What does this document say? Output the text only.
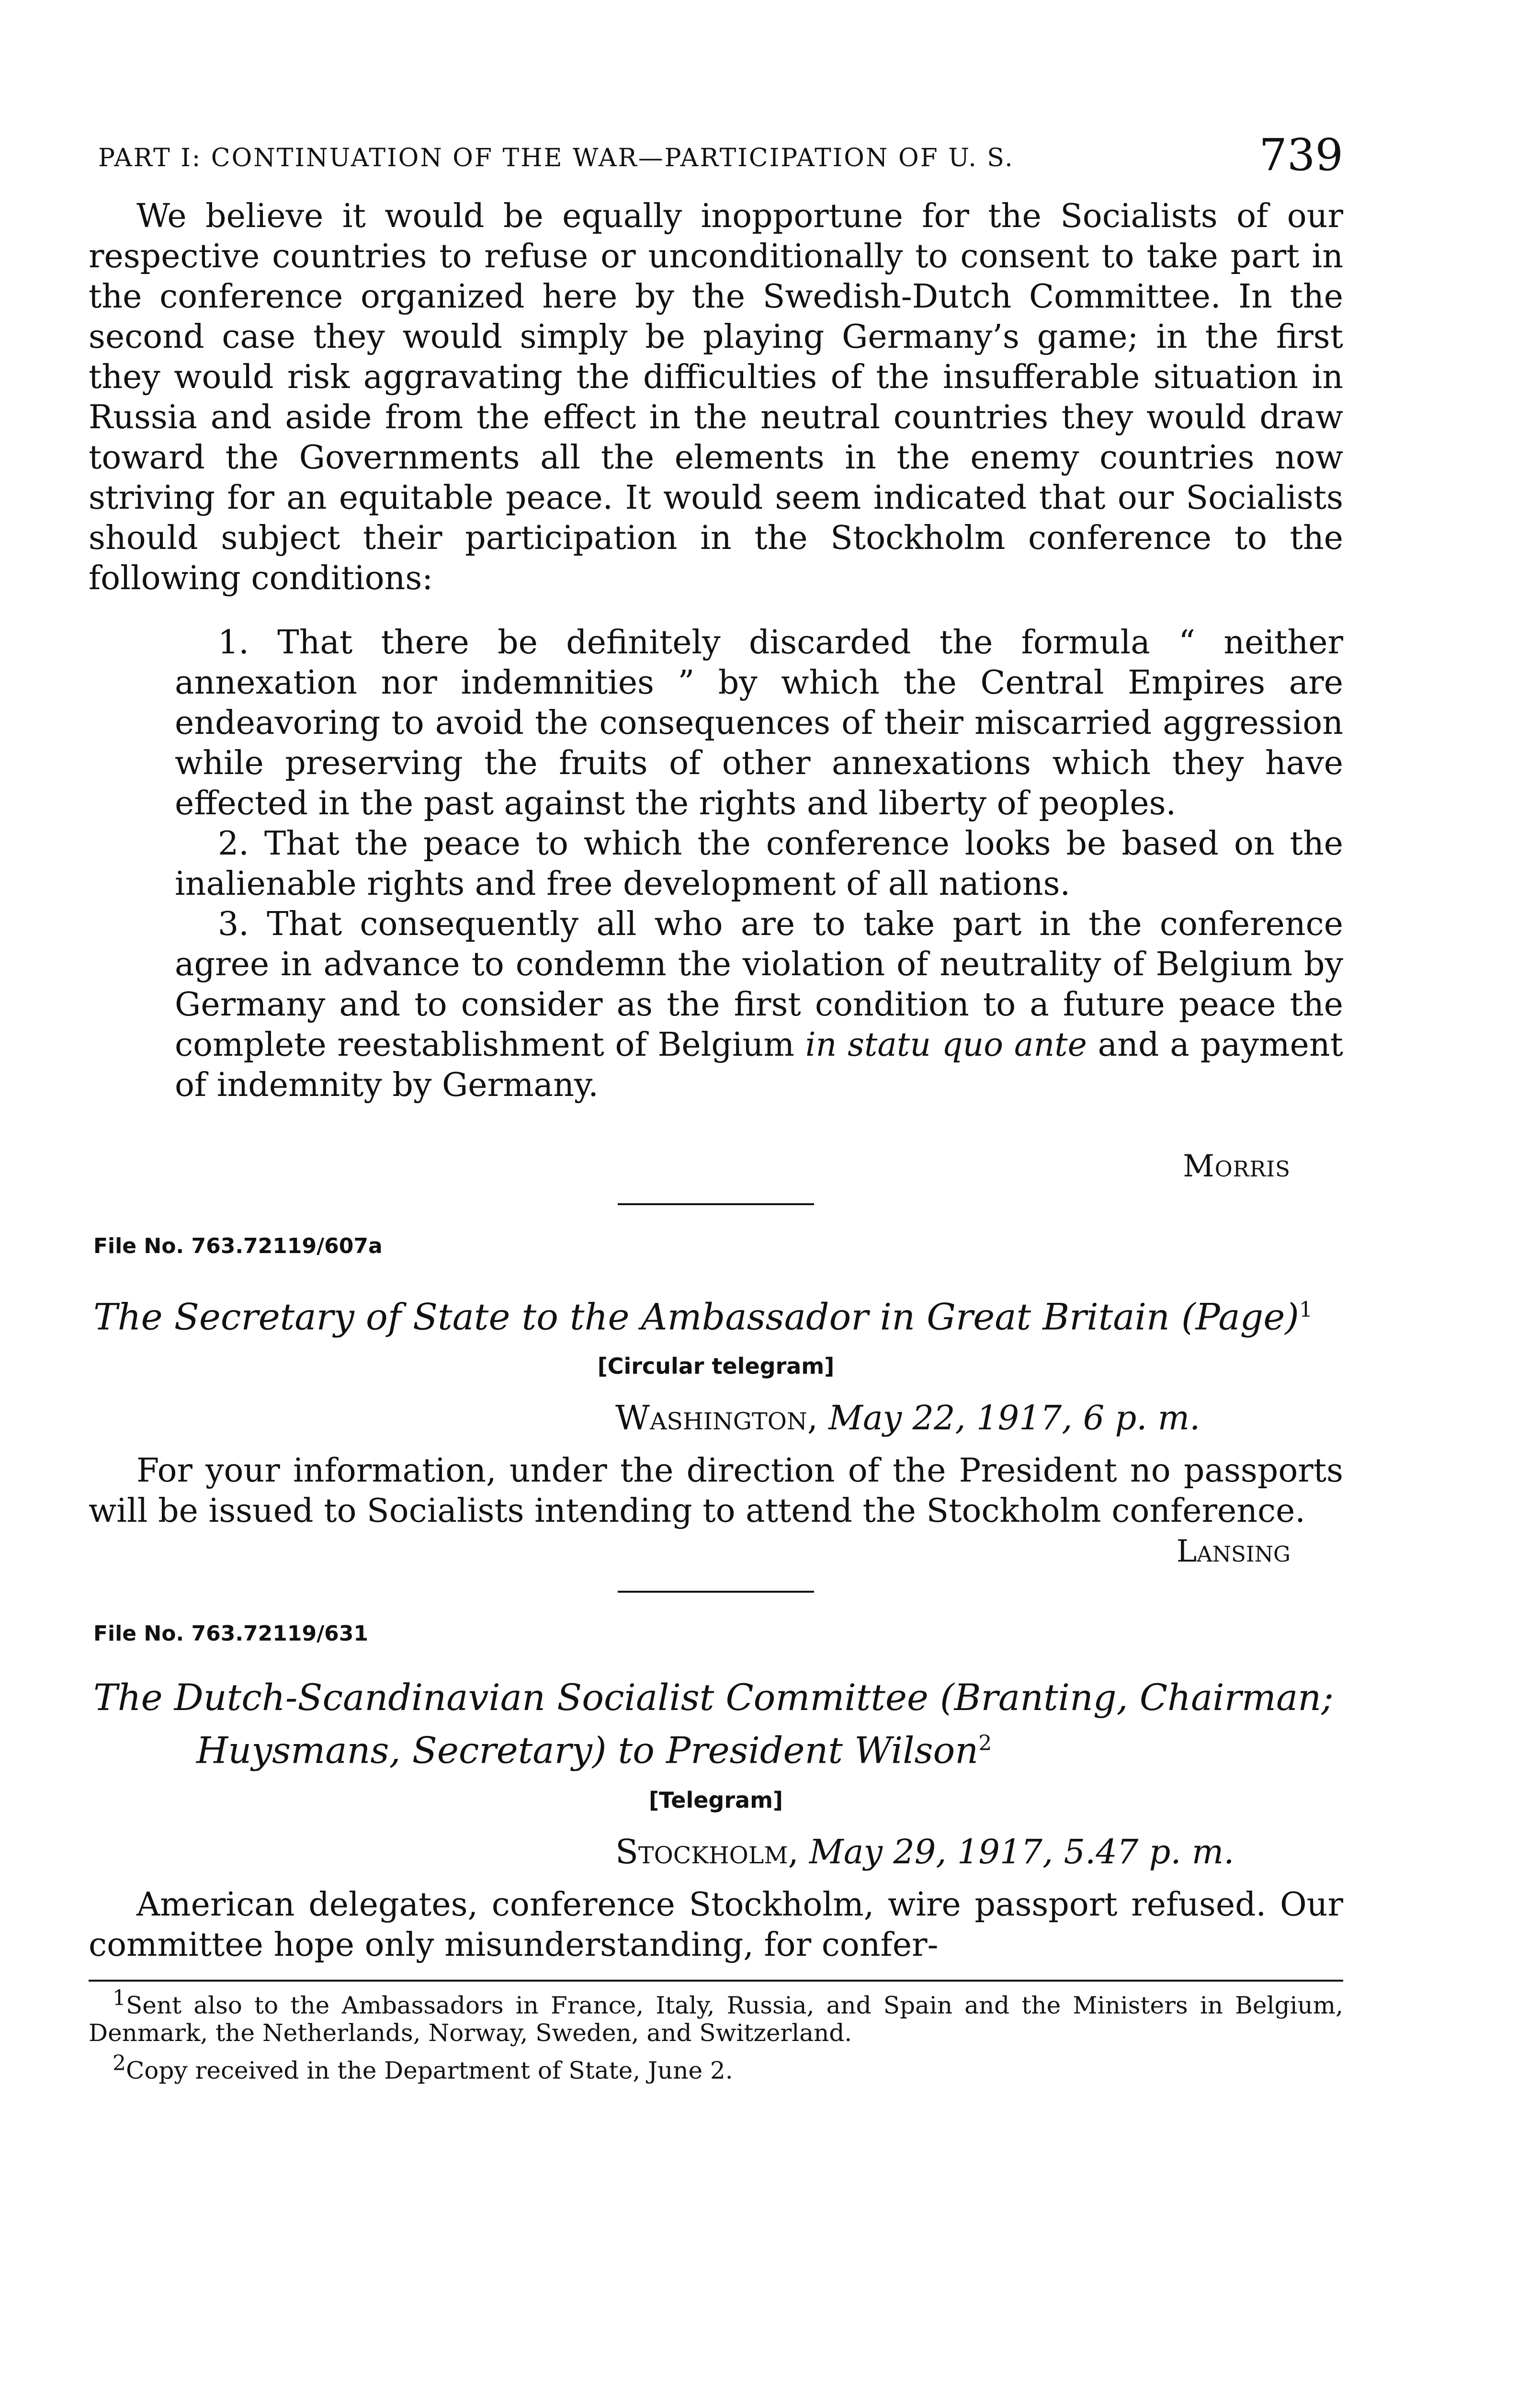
PART I: CONTINUATION OF THE WAR—PARTICIPATION OF U. S.	739

We believe it would be equally inopportune for the Socialists of our respective countries to refuse or unconditionally to consent to take part in the conference organized here by the Swedish-Dutch Committee. In the second case they would simply be playing Germany’s game; in the first they would risk aggravating the difficulties of the insufferable situation in Russia and aside from the effect in the neutral countries they would draw toward the Governments all the elements in the enemy countries now striving for an equitable peace. It would seem indicated that our Socialists should subject their participation in the Stockholm conference to the following conditions:

1. That there be definitely discarded the formula “ neither annexation nor indemnities ” by which the Central Empires are endeavoring to avoid the consequences of their miscarried aggression while preserving the fruits of other annexations which they have effected in the past against the rights and liberty of peoples.

2. That the peace to which the conference looks be based on the inalienable rights and free development of all nations.

3. That consequently all who are to take part in the conference agree in advance to condemn the violation of neutrality of Belgium by Germany and to consider as the first condition to a future peace the complete reestablishment of Belgium in statu quo ante and a payment of indemnity by Germany.

Morris
File No. 763.72119/607a
The Secretary of State to the Ambassador in Great Britain (Page)$^1$
[Circular telegram]
Washington, May 22, 1917, 6 p. m.

For your information, under the direction of the President no passports will be issued to Socialists intending to attend the Stockholm conference.
Lansing

File No. 763.72119/631
The Dutch-Scandinavian Socialist Committee (Branting, Chairman; Huysmans, Secretary) to President Wilson$^2$
[Telegram]
Stockholm, May 29, 1917, 5.47 p. m.

American delegates, conference Stockholm, wire passport refused. Our committee hope only misunderstanding, for confer-

$^1$Sent also to the Ambassadors in France, Italy, Russia, and Spain and the Ministers in Belgium, Denmark, the Netherlands, Norway, Sweden, and Switzerland.

$^2$Copy received in the Department of State, June 2.
